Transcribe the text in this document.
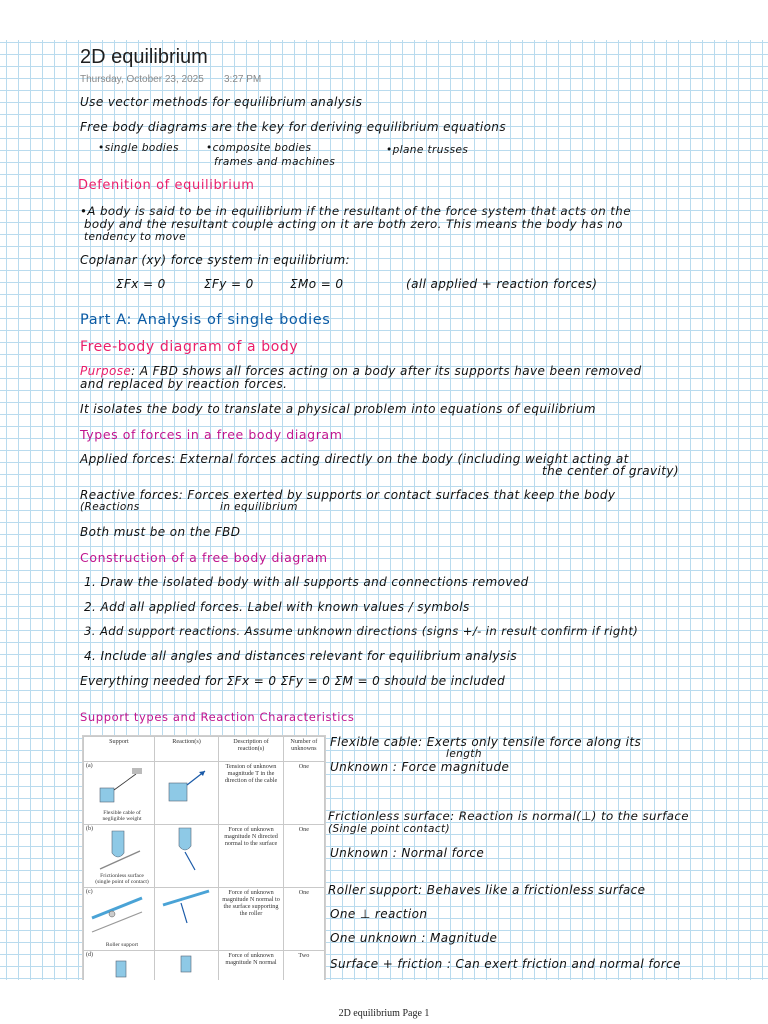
2D equilibrium
Thursday, October 23, 2025 3:27 PM
Use vector methods for equilibrium analysis
Free body diagrams are the key for deriving equilibrium equations
•single bodies	•composite bodies
frames and machines
•plane trusses
Defenition of equilibrium
•A body is said to be in equilibrium if the resultant of the force system that acts on the
body and the resultant couple acting on it are both zero. This means the body has no
tendency to move
Coplanar (xy) force system in equilibrium:
ΣFx = 0	ΣFy = 0	ΣMo = 0	(all applied + reaction forces)
Part A: Analysis of single bodies
Free-body diagram of a body
Purpose: A FBD shows all forces acting on a body after its supports have been removed
and replaced by reaction forces.
It isolates the body to translate a physical problem into equations of equilibrium
Types of forces in a free body diagram
Applied forces: External forces acting directly on the body (including weight acting at
the center of gravity)
Reactive forces: Forces exerted by supports or contact surfaces that keep the body
(Reactions	in equilibrium
Both must be on the FBD
Construction of a free body diagram
1. Draw the isolated body with all supports and connections removed
2. Add all applied forces. Label with known values / symbols
3. Add support reactions. Assume unknown directions (signs +/- in result confirm if right)
4. Include all angles and distances relevant for equilibrium analysis
Everything needed for ΣFx = 0 ΣFy = 0 ΣM = 0 should be included
Support types and Reaction Characteristics
Support	Reaction(s)	Description of reaction(s)	Number of unknowns

(a)
Flexible cable of negligible weight		Tension of unknown magnitude T in the direction of the cable	One

(b)
Frictionless surface (single point of contact)		Force of unknown magnitude N directed normal to the surface	One

(c)
Roller support		Force of unknown magnitude N normal to the surface supporting the roller	One

(d)		Force of unknown magnitude N normal	Two
Flexible cable: Exerts only tensile force along its
length
Unknown : Force magnitude
Frictionless surface: Reaction is normal(⊥) to the surface
(Single point contact)
Unknown : Normal force
Roller support: Behaves like a frictionless surface
One ⊥ reaction
One unknown : Magnitude
Surface + friction : Can exert friction and normal force
2D equilibrium Page 1
